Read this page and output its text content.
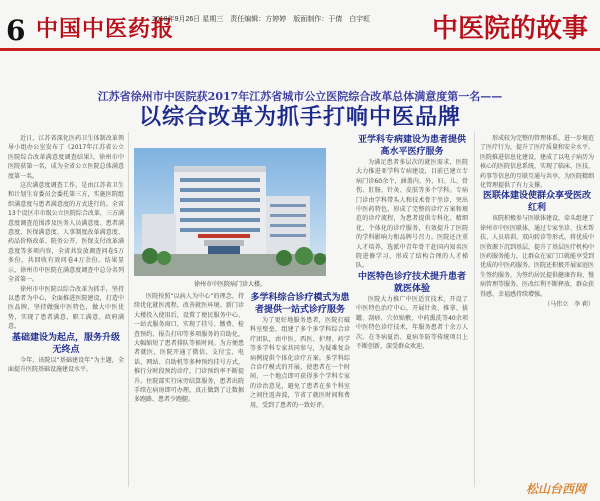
6 中国中医药报
2018年9月26日 星期三　责任编辑：方婷婷　版面制作：于倩　白宇虹 中医院的故事
江苏省徐州市中医院获2017年江苏省城市公立医院综合改革总体满意度第一名——
以综合改革为抓手打响中医品牌

近日，江苏省深化医药卫生体制改革领导小组办公室发布了《2017年江苏省公立医院综合改革满意度调查结果》，徐州市中医院获第一名，成为全省公立医院总体满意度第一名。

这次满意度调查工作，是由江苏省卫生和计划生育委员会委托第三方，实施医院组织满意度与患者满意度的方式进行的。全省13个设区市市级公立医院综合改革，三方满意度调查范围涉及医务人员满意度、患者满意度、医保满意度、人事制度改革满意度、药品价格改革、院务公开、医保支付改革满意度等多项内容，全省共发放调查问卷5万多份，共回收有效问卷4万余份。结果显示，徐州市中医院在满意度调查中总分名列全省第一。

徐州市中医院以综合改革为抓手，坚持以患者为中心，全面推进医院建设，打造中医品牌，坚持做强中医特色，做大中医优势，实现了患者满意、职工满意、政府满意。

基础建设为起点，服务升级无终点

今年，该院以“基础建设年”为主题，全面提升医院基础设施建设水平。

徐州市中医院病门诊大楼。

医院按照“以病人为中心”的理念，持续优化就医流程，改善就医环境。新门诊大楼投入使用后，设置了便民服务中心、一站式服务窗口，实现了挂号、缴费、检查预约、报告打印等多项服务的自助化，大幅缩短了患者排队等候时间。为方便患者就医，医院开通了微信、支付宝、电话、网站、自助机等多种预约挂号方式，推行分时段预约诊疗，门诊预约率不断提升。住院部实行床旁结算服务，患者出院手续在病房即可办理，真正做到了让数据多跑路、患者少跑腿。

多学科综合诊疗模式为患者提供一站式诊疗服务

为了更好地服务患者，医院打破科室壁垒，组建了多个多学科综合诊疗团队，由中医、西医、护理、药学等多学科专家共同参与，为疑难复杂病例提供个体化诊疗方案。多学科综合诊疗模式的开展，使患者在一个时间、一个地点即可获得多个学科专家的诊治意见，避免了患者在多个科室之间往返奔波，节省了就医时间和费用，受到了患者的一致好评。

亚学科专病建设为患者提供高水平医疗服务

为满足患者多层次的就医需求，医院大力推进亚学科专病建设，目前已建立专病门诊60余个，涵盖内、外、妇、儿、骨伤、肛肠、针灸、皮肤等多个学科。专病门诊由学科带头人和技术骨干坐诊，突出中医药特色，形成了完整的诊疗方案和规范的诊疗流程，为患者提供专科化、精细化、个体化的诊疗服务，有效提升了医院的学科影响力和品牌号召力。医院还注重人才培养，选派中青年骨干赴国内知名医院进修学习，形成了结构合理的人才梯队。

中医特色诊疗技术提升患者就医体验

医院大力推广中医适宜技术，开设了中医特色治疗中心，开展针灸、推拿、拔罐、刮痧、穴位贴敷、中药熏洗等40余项中医特色诊疗技术，年服务患者十余万人次。在冬病夏治、夏病冬防等传统项目上不断创新，深受群众欢迎。

形成较为完整的管理体系，进一步规范了医疗行为，提升了医疗质量和安全水平。医院推进信息化建设，建成了以电子病历为核心的医院信息系统，实现了临床、医技、药事等信息的互联互通与共享，为医院精细化管理提供了有力支撑。

医联体建设使群众享受医改红利

该院积极参与医联体建设，牵头组建了徐州市中医医联体，通过专家坐诊、技术帮扶、人员培训、双向转诊等形式，将优质中医资源下沉到基层，提升了基层医疗机构中医药服务能力，让群众在家门口就能享受到优质的中医药服务。医院还积极开展家庭医生签约服务，为签约居民提供健康咨询、慢病管理等服务。医改红利不断释放，群众获得感、幸福感持续增强。

（马伟立　李 莉）

松山台西网
